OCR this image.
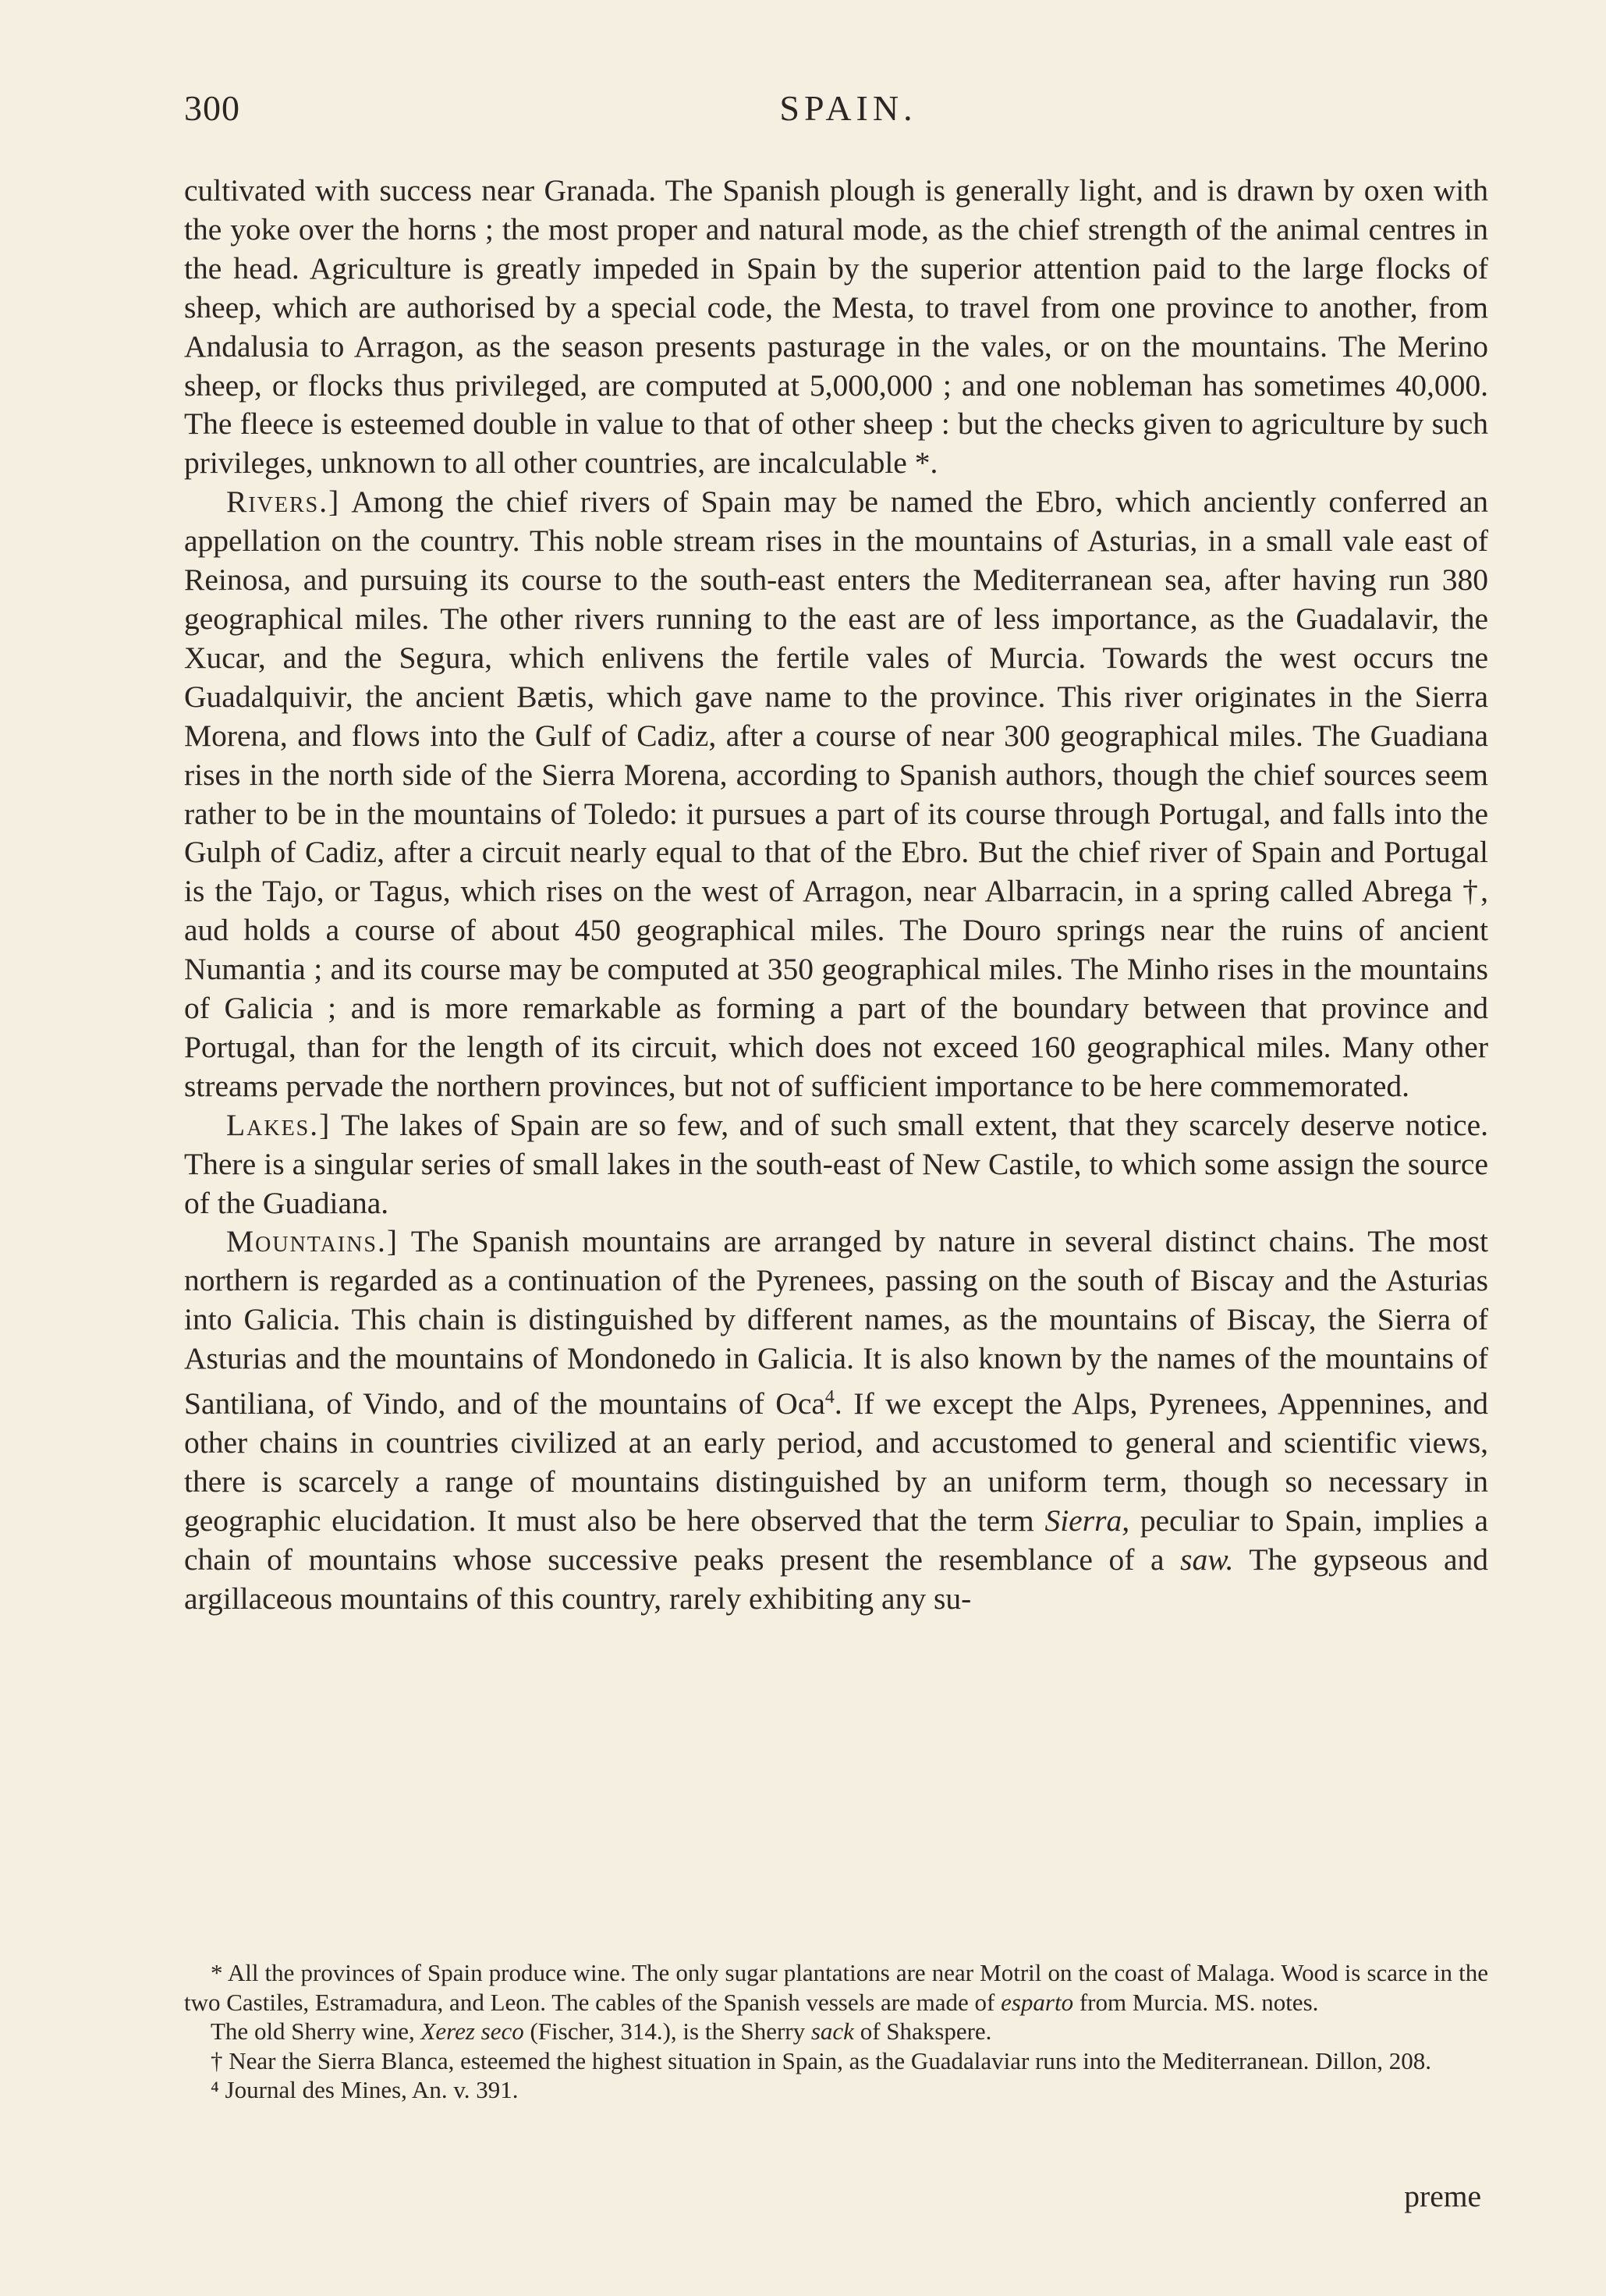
300	SPAIN.

cultivated with success near Granada. The Spanish plough is generally light, and is drawn by oxen with the yoke over the horns ; the most proper and natural mode, as the chief strength of the animal centres in the head. Agriculture is greatly impeded in Spain by the superior attention paid to the large flocks of sheep, which are authorised by a special code, the Mesta, to travel from one province to another, from Andalusia to Arragon, as the season presents pasturage in the vales, or on the mountains. The Merino sheep, or flocks thus privileged, are computed at 5,000,000 ; and one nobleman has sometimes 40,000. The fleece is esteemed double in value to that of other sheep : but the checks given to agriculture by such privileges, unknown to all other countries, are incalculable *.

Rivers.] Among the chief rivers of Spain may be named the Ebro, which anciently conferred an appellation on the country. This noble stream rises in the mountains of Asturias, in a small vale east of Reinosa, and pursuing its course to the south-east enters the Mediterranean sea, after having run 380 geographical miles. The other rivers running to the east are of less importance, as the Guadalavir, the Xucar, and the Segura, which enlivens the fertile vales of Murcia. Towards the west occurs tne Guadalquivir, the ancient Bætis, which gave name to the province. This river originates in the Sierra Morena, and flows into the Gulf of Cadiz, after a course of near 300 geographical miles. The Guadiana rises in the north side of the Sierra Morena, according to Spanish authors, though the chief sources seem rather to be in the mountains of Toledo: it pursues a part of its course through Portugal, and falls into the Gulph of Cadiz, after a circuit nearly equal to that of the Ebro. But the chief river of Spain and Portugal is the Tajo, or Tagus, which rises on the west of Arragon, near Albarracin, in a spring called Abrega †, aud holds a course of about 450 geographical miles. The Douro springs near the ruins of ancient Numantia ; and its course may be computed at 350 geographical miles. The Minho rises in the mountains of Galicia ; and is more remarkable as forming a part of the boundary between that province and Portugal, than for the length of its circuit, which does not exceed 160 geographical miles. Many other streams pervade the northern provinces, but not of sufficient importance to be here commemorated.

Lakes.] The lakes of Spain are so few, and of such small extent, that they scarcely deserve notice. There is a singular series of small lakes in the south-east of New Castile, to which some assign the source of the Guadiana.

Mountains.] The Spanish mountains are arranged by nature in several distinct chains. The most northern is regarded as a continuation of the Pyrenees, passing on the south of Biscay and the Asturias into Galicia. This chain is distinguished by different names, as the mountains of Biscay, the Sierra of Asturias and the mountains of Mondonedo in Galicia. It is also known by the names of the mountains of Santiliana, of Vindo, and of the mountains of Oca$^4$. If we except the Alps, Pyrenees, Appennines, and other chains in countries civilized at an early period, and accustomed to general and scientific views, there is scarcely a range of mountains distinguished by an uniform term, though so necessary in geographic elucidation. It must also be here observed that the term Sierra, peculiar to Spain, implies a chain of mountains whose successive peaks present the resemblance of a saw. The gypseous and argillaceous mountains of this country, rarely exhibiting any su-

* All the provinces of Spain produce wine. The only sugar plantations are near Motril on the coast of Malaga. Wood is scarce in the two Castiles, Estramadura, and Leon. The cables of the Spanish vessels are made of esparto from Murcia. MS. notes.

The old Sherry wine, Xerez seco (Fischer, 314.), is the Sherry sack of Shakspere.

† Near the Sierra Blanca, esteemed the highest situation in Spain, as the Guadalaviar runs into the Mediterranean. Dillon, 208.

⁴ Journal des Mines, An. v. 391.

preme
